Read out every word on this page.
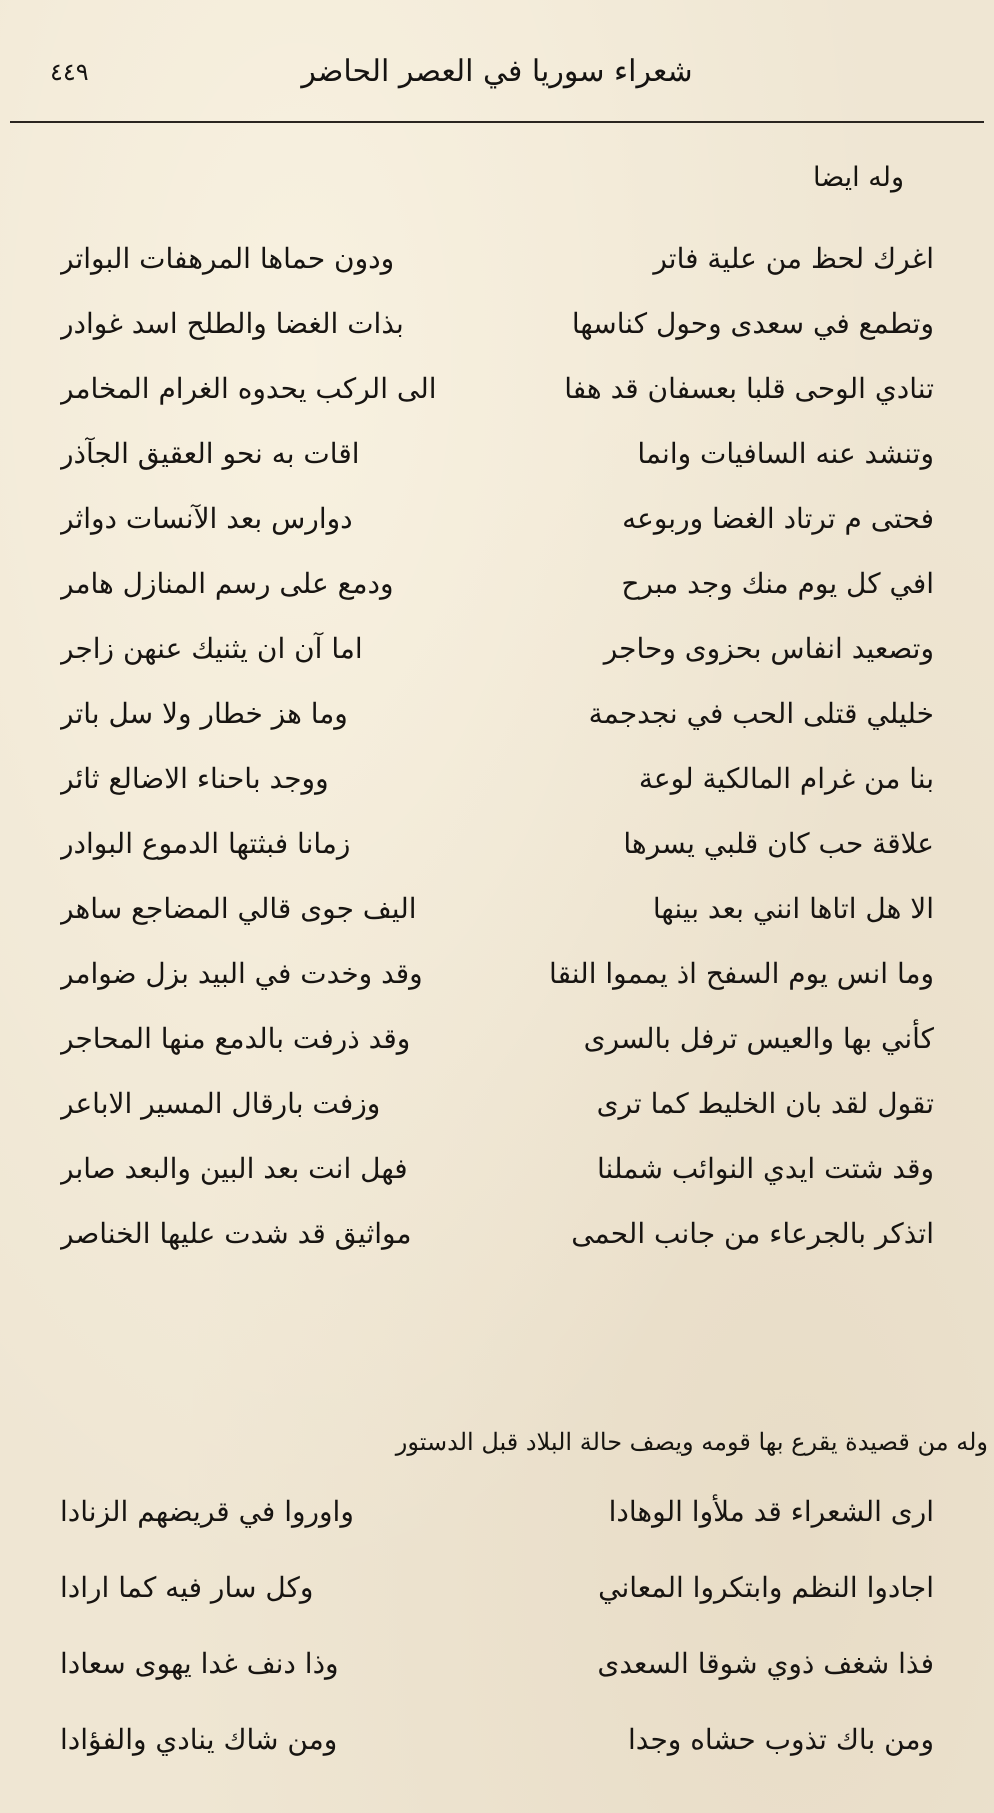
٤٤٩	شعراء سوريا في العصر الحاضر
وله ايضا
اغرك لحظ من علية فاتر
ودون حماها المرهفات البواتر
وتطمع في سعدى وحول كناسها
بذات الغضا والطلح اسد غوادر
تنادي الوحى قلبا بعسفان قد هفا
الى الركب يحدوه الغرام المخامر
وتنشد عنه السافيات وانما
اقات به نحو العقيق الجآذر
فحتى م ترتاد الغضا وربوعه
دوارس بعد الآنسات دواثر
افي كل يوم منك وجد مبرح
ودمع على رسم المنازل هامر
وتصعيد انفاس بحزوى وحاجر
اما آن ان يثنيك عنهن زاجر
خليلي قتلى الحب في نجدجمة
وما هز خطار ولا سل باتر
بنا من غرام المالكية لوعة
ووجد باحناء الاضالع ثائر
علاقة حب كان قلبي يسرها
زمانا فبثتها الدموع البوادر
الا هل اتاها انني بعد بينها
اليف جوى قالي المضاجع ساهر
وما انس يوم السفح اذ يمموا النقا
وقد وخدت في البيد بزل ضوامر
كأني بها والعيس ترفل بالسرى
وقد ذرفت بالدمع منها المحاجر
تقول لقد بان الخليط كما ترى
وزفت بارقال المسير الاباعر
وقد شتت ايدي النوائب شملنا
فهل انت بعد البين والبعد صابر
اتذكر بالجرعاء من جانب الحمى
مواثيق قد شدت عليها الخناصر
وله من قصيدة يقرع بها قومه ويصف حالة البلاد قبل الدستور
ارى الشعراء قد ملأوا الوهادا
واوروا في قريضهم الزنادا
اجادوا النظم وابتكروا المعاني
وكل سار فيه كما ارادا
فذا شغف ذوي شوقا السعدى
وذا دنف غدا يهوى سعادا
ومن باك تذوب حشاه وجدا
ومن شاك ينادي والفؤادا
